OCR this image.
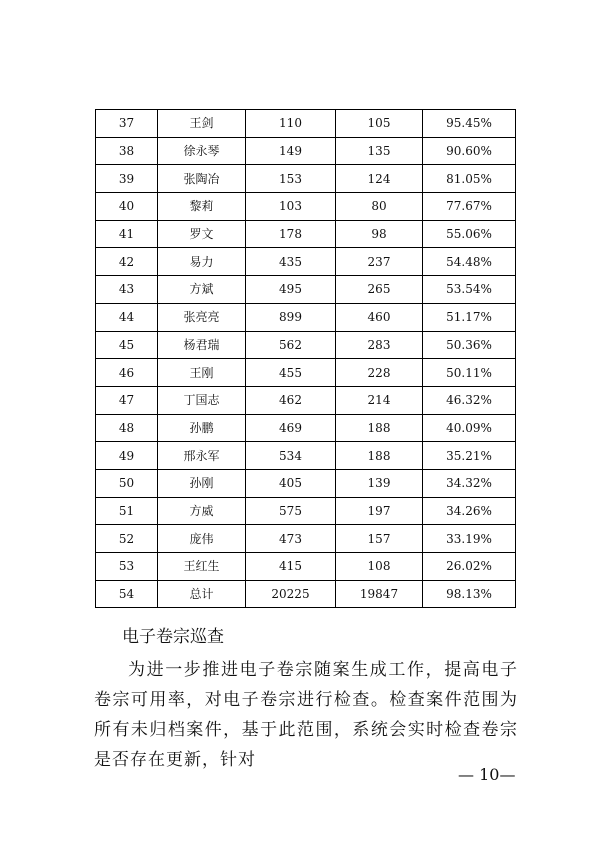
37	王剑	110	105	95.45%
38	徐永琴	149	135	90.60%
39	张陶冶	153	124	81.05%
40	黎莉	103	80	77.67%
41	罗文	178	98	55.06%
42	易力	435	237	54.48%
43	方斌	495	265	53.54%
44	张亮亮	899	460	51.17%
45	杨君瑞	562	283	50.36%
46	王刚	455	228	50.11%
47	丁国志	462	214	46.32%
48	孙鹏	469	188	40.09%
49	邢永军	534	188	35.21%
50	孙刚	405	139	34.32%
51	方威	575	197	34.26%
52	庞伟	473	157	33.19%
53	王红生	415	108	26.02%
54	总计	20225	19847	98.13%
电子卷宗巡查

为进一步推进电子卷宗随案生成工作，提高电子卷宗可用率，对电子卷宗进行检查。检查案件范围为所有未归档案件，基于此范围，系统会实时检查卷宗是否存在更新，针对

— 10—
